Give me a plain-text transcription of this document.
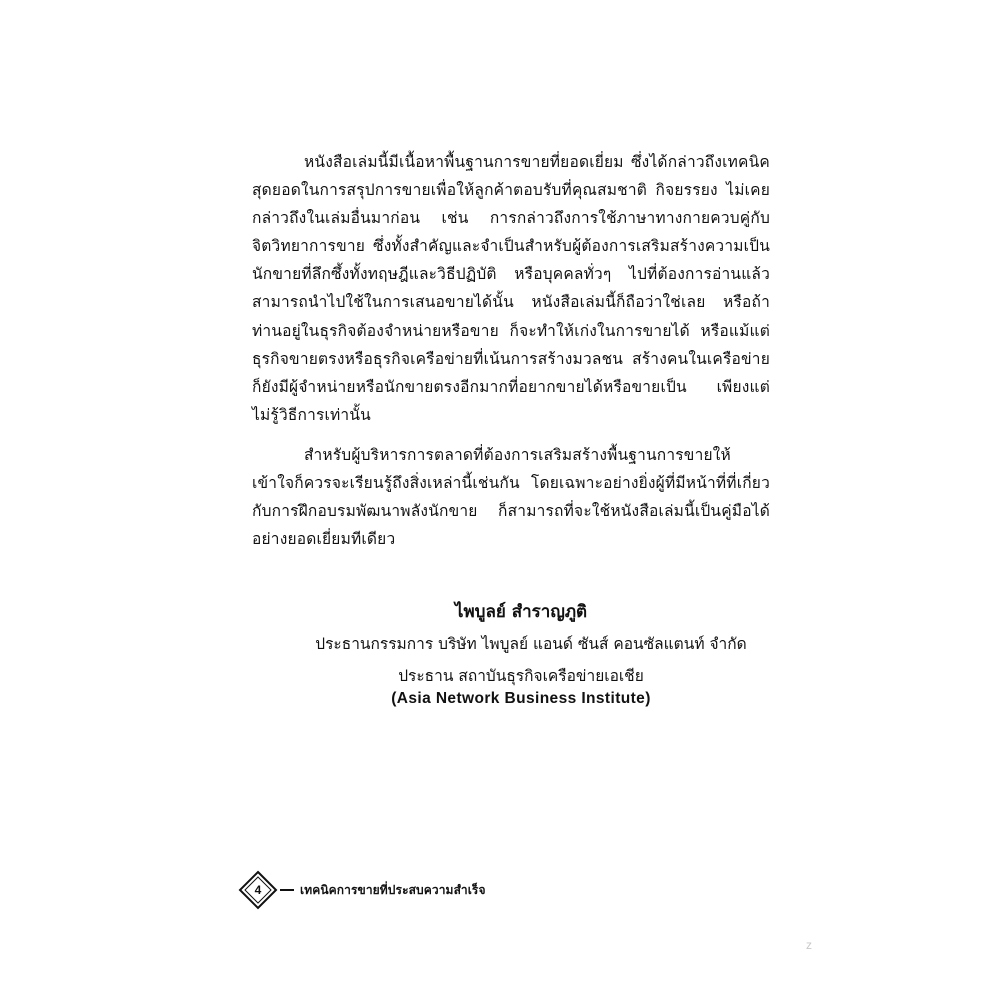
หนังสือเล่มนี้มีเนื้อหาพื้นฐานการขายที่ยอดเยี่ยม ซึ่งได้กล่าวถึงเทคนิคสุดยอดในการสรุปการขายเพื่อให้ลูกค้าตอบรับที่คุณสมชาติ กิจยรรยง ไม่เคยกล่าวถึงในเล่มอื่นมาก่อน เช่น การกล่าวถึงการใช้ภาษาทางกายควบคู่กับจิตวิทยาการขาย ซึ่งทั้งสำคัญและจำเป็นสำหรับผู้ต้องการเสริมสร้างความเป็นนักขายที่ลึกซึ้งทั้งทฤษฎีและวิธีปฏิบัติ หรือบุคคลทั่วๆ ไปที่ต้องการอ่านแล้วสามารถนำไปใช้ในการเสนอขายได้นั้น หนังสือเล่มนี้ก็ถือว่าใช่เลย หรือถ้าท่านอยู่ในธุรกิจต้องจำหน่ายหรือขาย ก็จะทำให้เก่งในการขายได้ หรือแม้แต่ธุรกิจขายตรงหรือธุรกิจเครือข่ายที่เน้นการสร้างมวลชน สร้างคนในเครือข่าย ก็ยังมีผู้จำหน่ายหรือนักขายตรงอีกมากที่อยากขายได้หรือขายเป็น เพียงแต่ไม่รู้วิธีการเท่านั้น

สำหรับผู้บริหารการตลาดที่ต้องการเสริมสร้างพื้นฐานการขายให้เข้าใจก็ควรจะเรียนรู้ถึงสิ่งเหล่านี้เช่นกัน โดยเฉพาะอย่างยิ่งผู้ที่มีหน้าที่ที่เกี่ยวกับการฝึกอบรมพัฒนาพลังนักขาย ก็สามารถที่จะใช้หนังสือเล่มนี้เป็นคู่มือได้อย่างยอดเยี่ยมทีเดียว

ไพบูลย์ สำราญภูติ
ประธานกรรมการ บริษัท ไพบูลย์ แอนด์ ซันส์ คอนซัลแตนท์ จำกัด
ประธาน สถาบันธุรกิจเครือข่ายเอเชีย
(Asia Network Business Institute)
4	เทคนิคการขายที่ประสบความสำเร็จ
z
